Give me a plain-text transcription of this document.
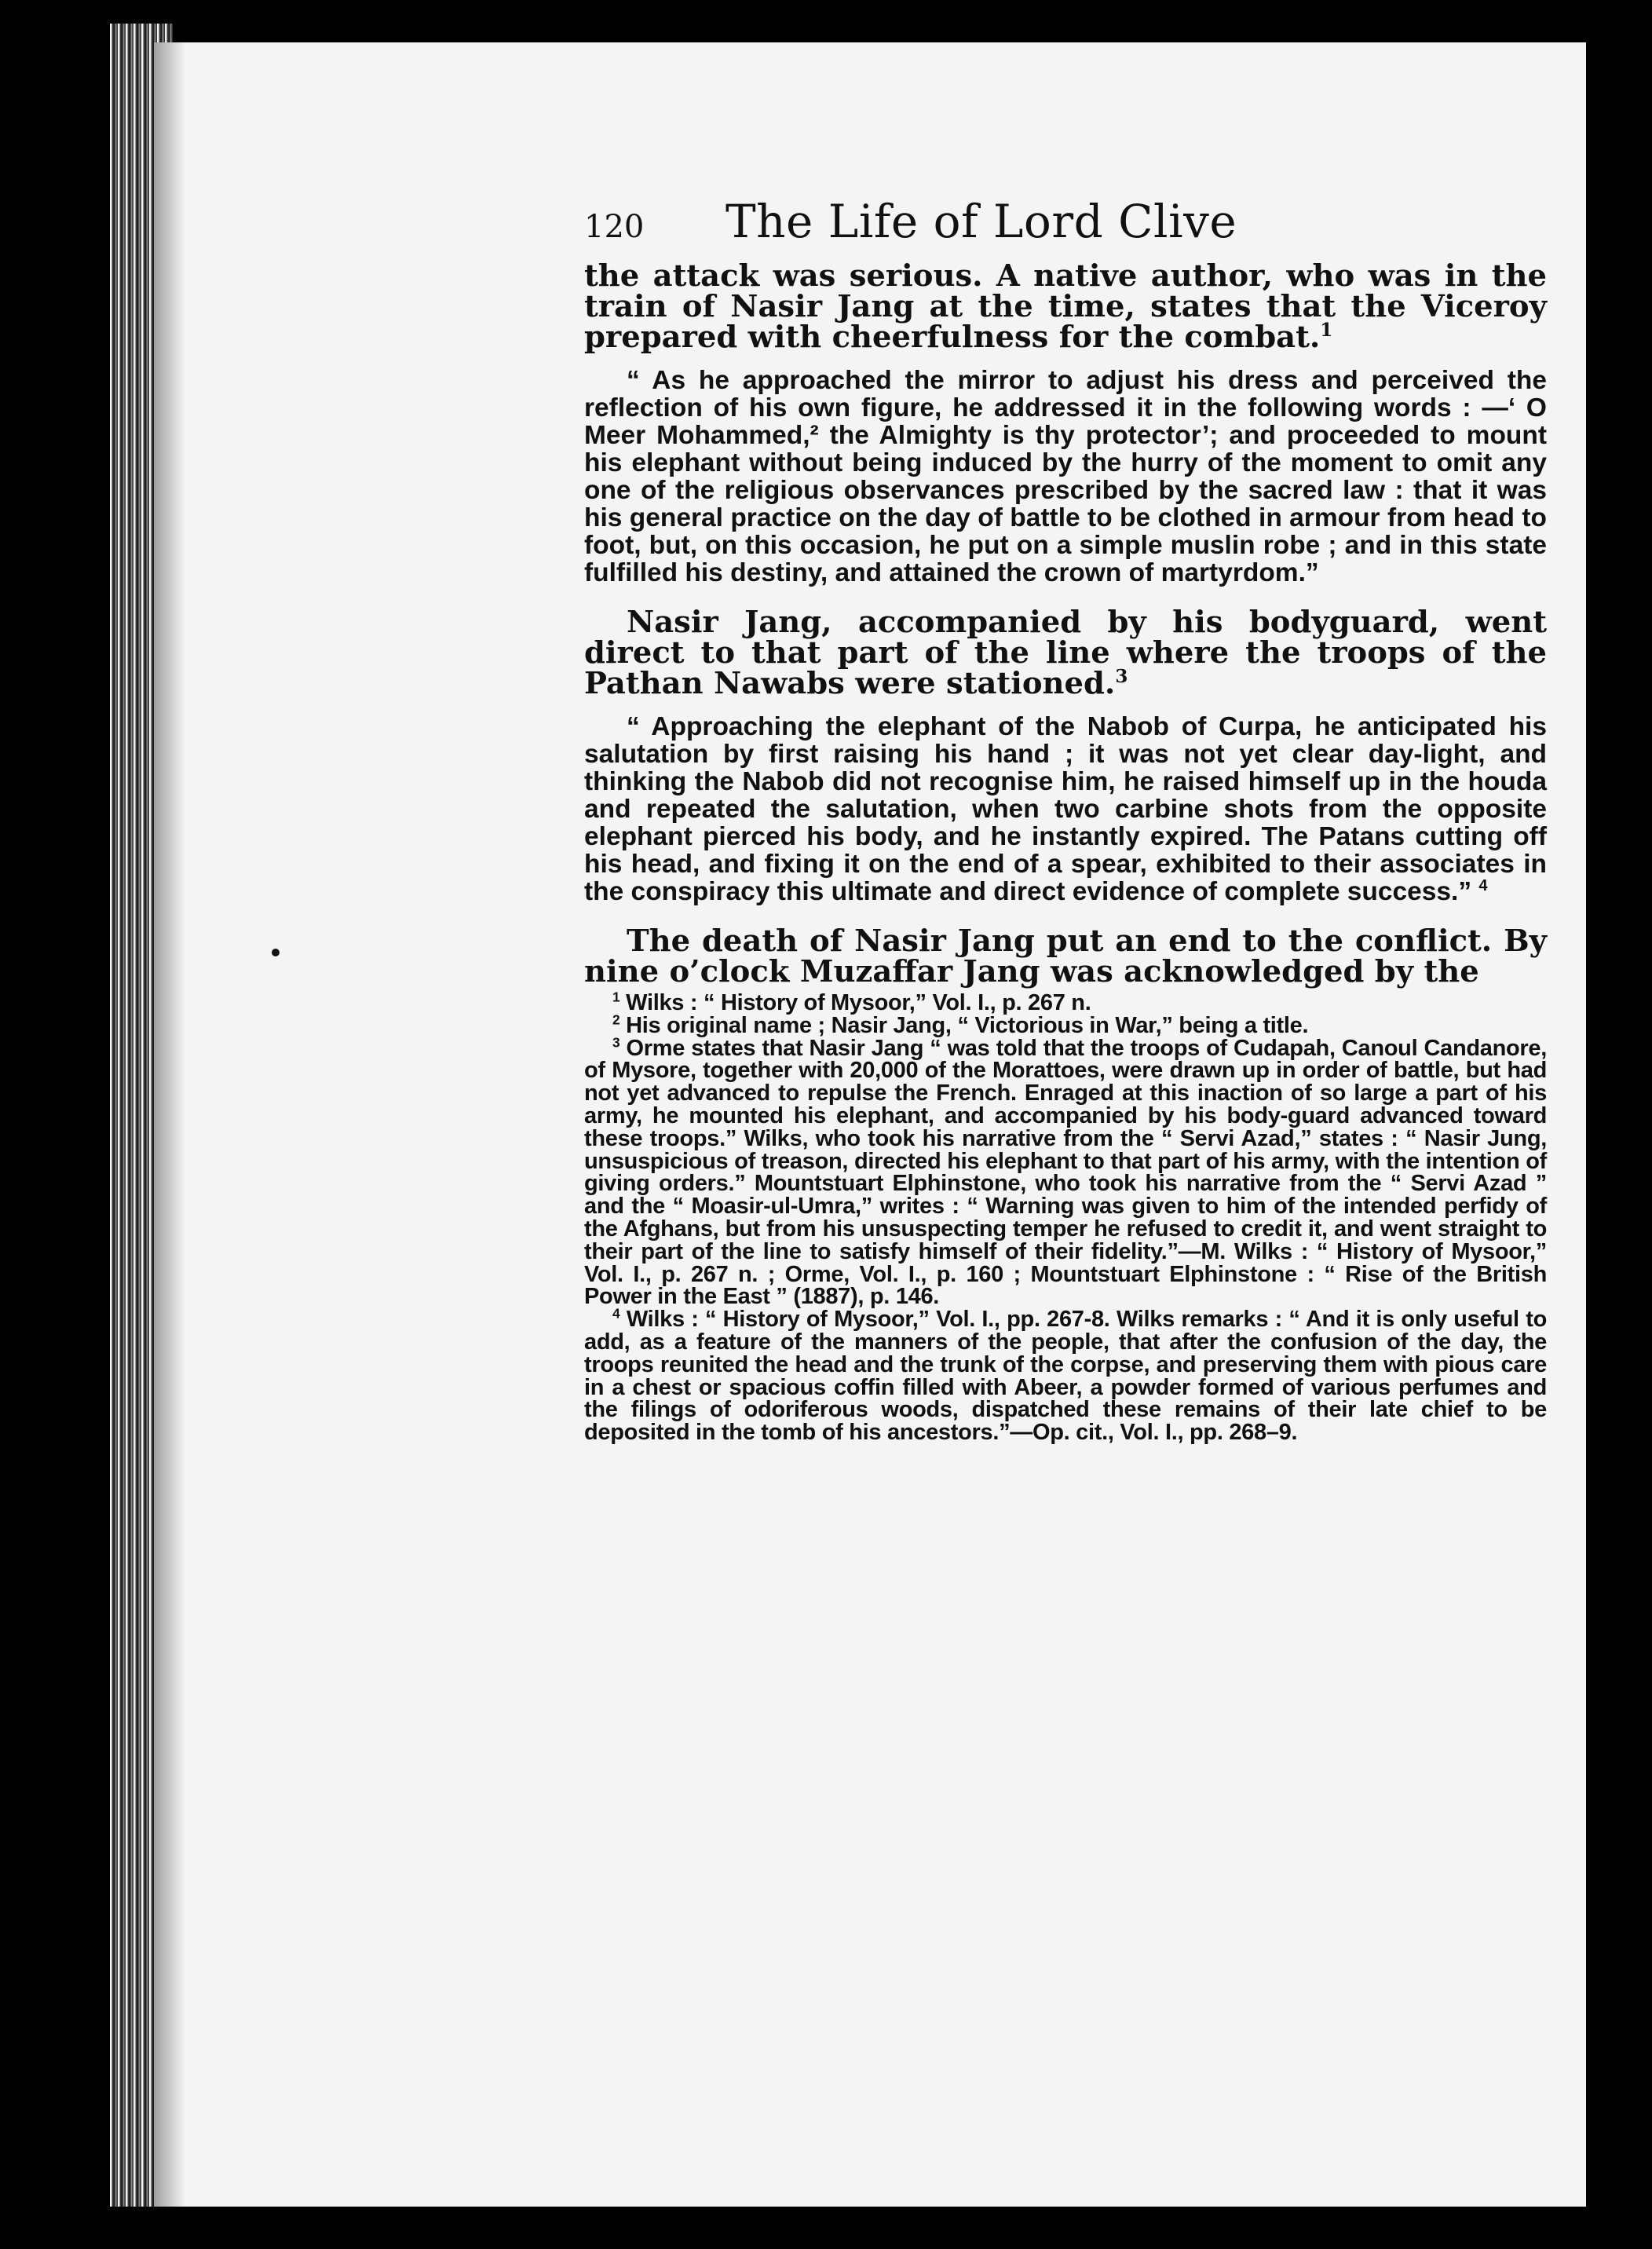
120	The Life of Lord Clive

the attack was serious. A native author, who was in the train of Nasir Jang at the time, states that the Viceroy prepared with cheerfulness for the combat.$^1$

“ As he approached the mirror to adjust his dress and perceived the reflection of his own figure, he addressed it in the following words : —‘ O Meer Mohammed,² the Almighty is thy protector’; and proceeded to mount his elephant without being induced by the hurry of the moment to omit any one of the religious observances prescribed by the sacred law : that it was his general practice on the day of battle to be clothed in armour from head to foot, but, on this occasion, he put on a simple muslin robe ; and in this state fulfilled his destiny, and attained the crown of martyrdom.”

Nasir Jang, accompanied by his bodyguard, went direct to that part of the line where the troops of the Pathan Nawabs were stationed.$^3$

“ Approaching the elephant of the Nabob of Curpa, he anticipated his salutation by first raising his hand ; it was not yet clear day-light, and thinking the Nabob did not recognise him, he raised himself up in the houda and repeated the salutation, when two carbine shots from the opposite elephant pierced his body, and he instantly expired. The Patans cutting off his head, and fixing it on the end of a spear, exhibited to their associates in the conspiracy this ultimate and direct evidence of complete success.” $^4$

The death of Nasir Jang put an end to the conflict. By nine o’clock Muzaffar Jang was acknowledged by the

$^1$ Wilks : “ History of Mysoor,” Vol. I., p. 267 n.

$^2$ His original name ; Nasir Jang, “ Victorious in War,” being a title.

$^3$ Orme states that Nasir Jang “ was told that the troops of Cudapah, Canoul Candanore, of Mysore, together with 20,000 of the Morattoes, were drawn up in order of battle, but had not yet advanced to repulse the French. Enraged at this inaction of so large a part of his army, he mounted his elephant, and accompanied by his body-guard advanced toward these troops.” Wilks, who took his narrative from the “ Servi Azad,” states : “ Nasir Jung, unsuspicious of treason, directed his elephant to that part of his army, with the intention of giving orders.” Mountstuart Elphinstone, who took his narrative from the “ Servi Azad ” and the “ Moasir-ul-Umra,” writes : “ Warning was given to him of the intended perfidy of the Afghans, but from his unsuspecting temper he refused to credit it, and went straight to their part of the line to satisfy himself of their fidelity.”—M. Wilks : “ History of Mysoor,” Vol. I., p. 267 n. ; Orme, Vol. I., p. 160 ; Mountstuart Elphinstone : “ Rise of the British Power in the East ” (1887), p. 146.

$^4$ Wilks : “ History of Mysoor,” Vol. I., pp. 267-8. Wilks remarks : “ And it is only useful to add, as a feature of the manners of the people, that after the confusion of the day, the troops reunited the head and the trunk of the corpse, and preserving them with pious care in a chest or spacious coffin filled with Abeer, a powder formed of various perfumes and the filings of odoriferous woods, dispatched these remains of their late chief to be deposited in the tomb of his ancestors.”—Op. cit., Vol. I., pp. 268–9.
